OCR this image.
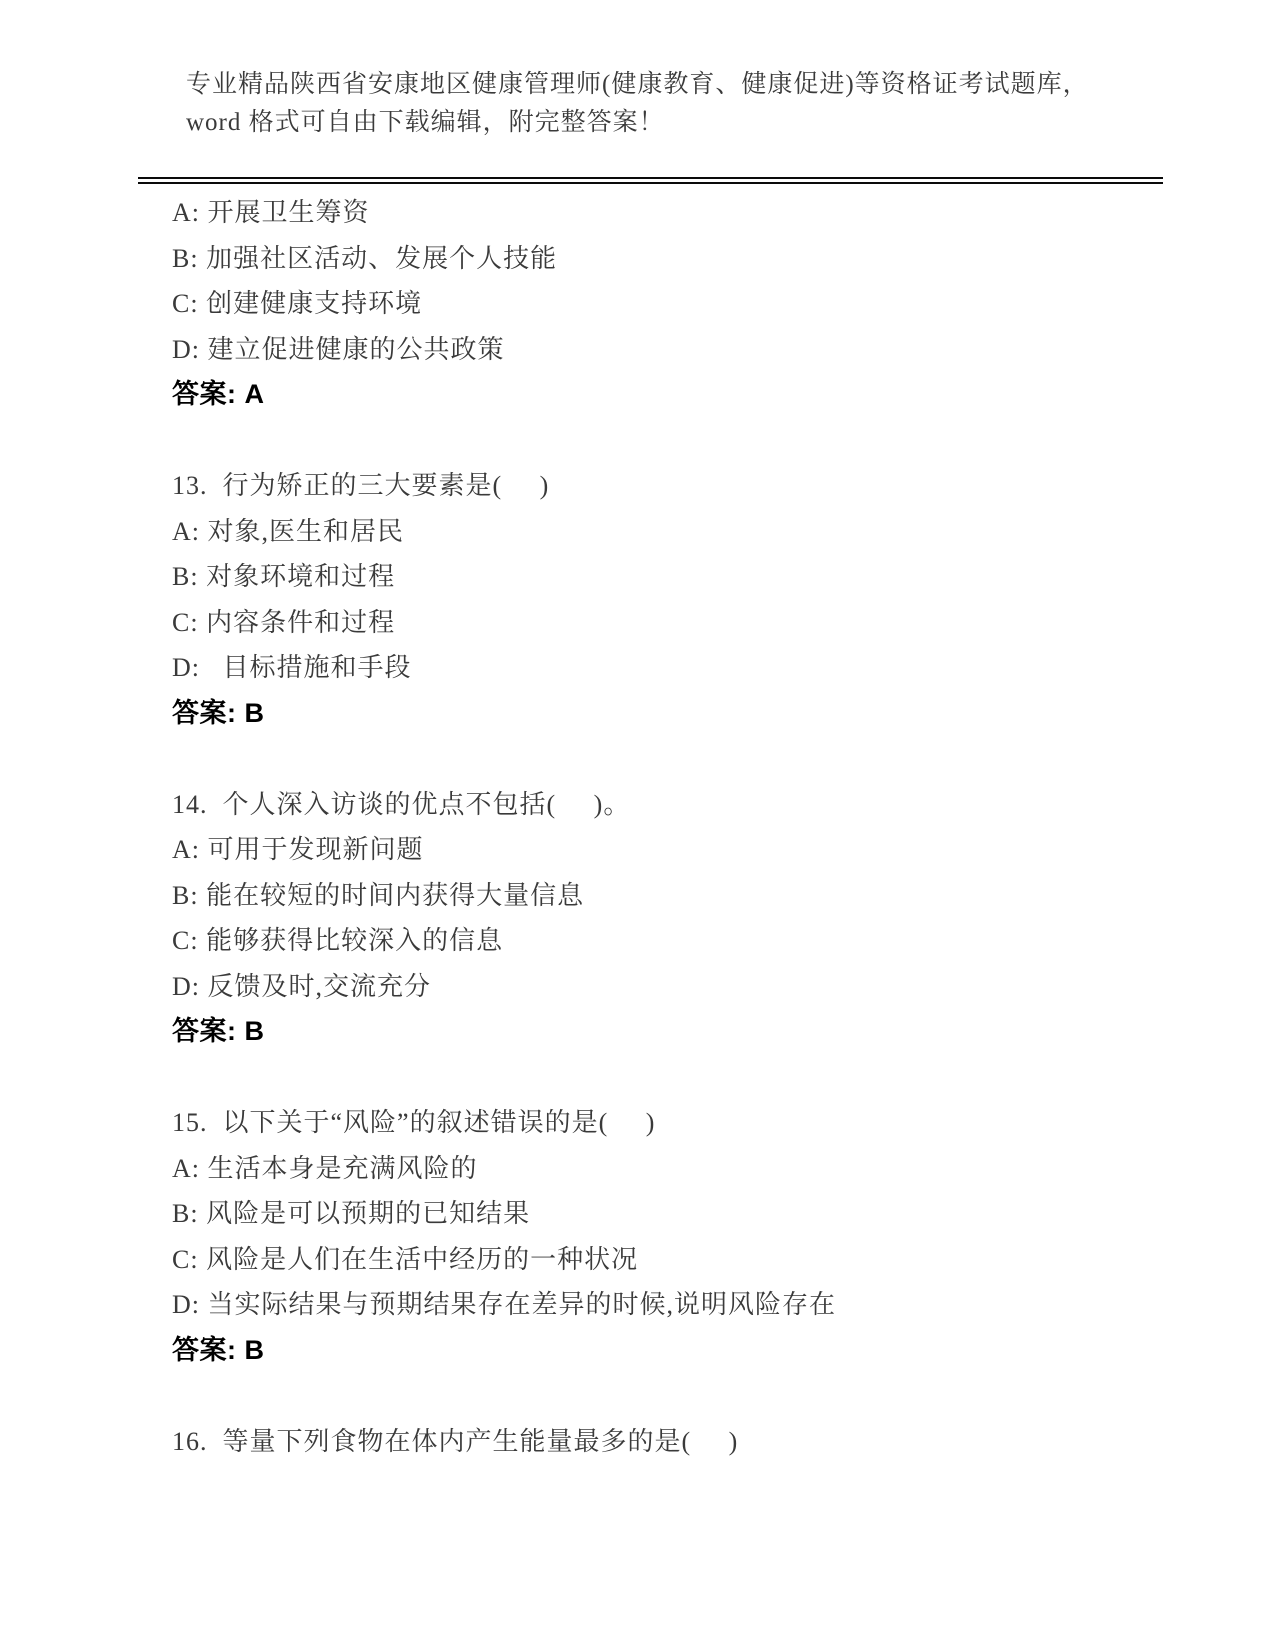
专业精品陕西省安康地区健康管理师(健康教育、健康促进)等资格证考试题库，
word 格式可自由下载编辑，附完整答案！
A: 开展卫生筹资
B: 加强社区活动、发展个人技能
C: 创建健康支持环境
D: 建立促进健康的公共政策
答案: A
13.  行为矫正的三大要素是(     )
A: 对象,医生和居民
B: 对象环境和过程
C: 内容条件和过程
D:   目标措施和手段
答案: B
14.  个人深入访谈的优点不包括(     )。
A: 可用于发现新问题
B: 能在较短的时间内获得大量信息
C: 能够获得比较深入的信息
D: 反馈及时,交流充分
答案: B
15.  以下关于“风险”的叙述错误的是(     )
A: 生活本身是充满风险的
B: 风险是可以预期的已知结果
C: 风险是人们在生活中经历的一种状况
D: 当实际结果与预期结果存在差异的时候,说明风险存在
答案: B
16.  等量下列食物在体内产生能量最多的是(     )
